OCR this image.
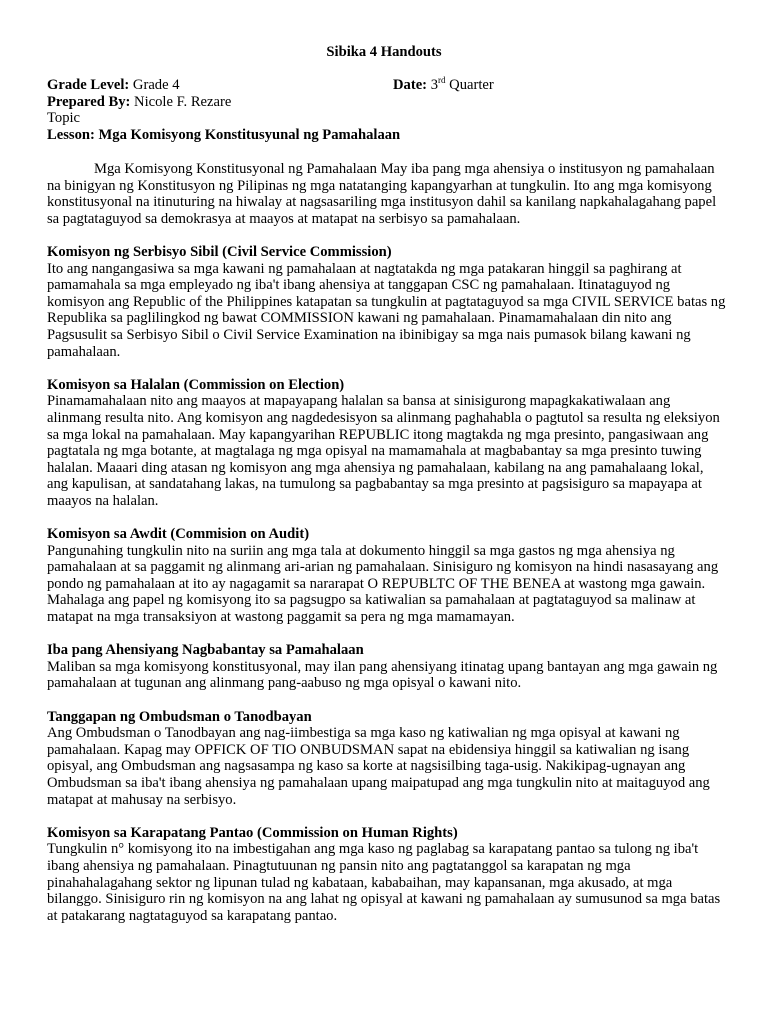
Sibika 4 Handouts
Grade Level: Grade 4	Date: 3rd Quarter
Prepared By: Nicole F. Rezare
Topic
Lesson: Mga Komisyong Konstitusyunal ng Pamahalaan

Mga Komisyong Konstitusyonal ng Pamahalaan May iba pang mga ahensiya o institusyon ng pamahalaan na binigyan ng Konstitusyon ng Pilipinas ng mga natatanging kapangyarhan at tungkulin. Ito ang mga komisyong konstitusyonal na itinuturing na hiwalay at nagsasariling mga institusyon dahil sa kanilang napkahalagahang papel sa pagtataguyod sa demokrasya at maayos at matapat na serbisyo sa pamahalaan.

Komisyon ng Serbisyo Sibil (Civil Service Commission)

Ito ang nangangasiwa sa mga kawani ng pamahalaan at nagtatakda ng mga patakaran hinggil sa paghirang at pamamahala sa mga empleyado ng iba't ibang ahensiya at tanggapan CSC ng pamahalaan. Itinataguyod ng komisyon ang Republic of the Philippines katapatan sa tungkulin at pagtataguyod sa mga CIVIL SERVICE batas ng Republika sa paglilingkod ng bawat COMMISSION kawani ng pamahalaan. Pinamamahalaan din nito ang Pagsusulit sa Serbisyo Sibil o Civil Service Examination na ibinibigay sa mga nais pumasok bilang kawani ng pamahalaan.

Komisyon sa Halalan (Commission on Election)

Pinamamahalaan nito ang maayos at mapayapang halalan sa bansa at sinisigurong mapagkakatiwalaan ang alinmang resulta nito. Ang komisyon ang nagdedesisyon sa alinmang paghahabla o pagtutol sa resulta ng eleksiyon sa mga lokal na pamahalaan. May kapangyarihan REPUBLIC itong magtakda ng mga presinto, pangasiwaan ang pagtatala ng mga botante, at magtalaga ng mga opisyal na mamamahala at magbabantay sa mga presinto tuwing halalan. Maaari ding atasan ng komisyon ang mga ahensiya ng pamahalaan, kabilang na ang pamahalaang lokal, ang kapulisan, at sandatahang lakas, na tumulong sa pagbabantay sa mga presinto at pagsisiguro sa mapayapa at maayos na halalan.

Komisyon sa Awdit (Commision on Audit)

Pangunahing tungkulin nito na suriin ang mga tala at dokumento hinggil sa mga gastos ng mga ahensiya ng pamahalaan at sa paggamit ng alinmang ari-arian ng pamahalaan. Sinisiguro ng komisyon na hindi nasasayang ang pondo ng pamahalaan at ito ay nagagamit sa nararapat O REPUBLTC OF THE BENEA at wastong mga gawain. Mahalaga ang papel ng komisyong ito sa pagsugpo sa katiwalian sa pamahalaan at pagtataguyod sa malinaw at matapat na mga transaksiyon at wastong paggamit sa pera ng mga mamamayan.

Iba pang Ahensiyang Nagbabantay sa Pamahalaan

Maliban sa mga komisyong konstitusyonal, may ilan pang ahensiyang itinatag upang bantayan ang mga gawain ng pamahalaan at tugunan ang alinmang pang-aabuso ng mga opisyal o kawani nito.

Tanggapan ng Ombudsman o Tanodbayan

Ang Ombudsman o Tanodbayan ang nag-iimbestiga sa mga kaso ng katiwalian ng mga opisyal at kawani ng pamahalaan. Kapag may OPFICK OF TIO ONBUDSMAN sapat na ebidensiya hinggil sa katiwalian ng isang opisyal, ang Ombudsman ang nagsasampa ng kaso sa korte at nagsisilbing taga-usig. Nakikipag-ugnayan ang Ombudsman sa iba't ibang ahensiya ng pamahalaan upang maipatupad ang mga tungkulin nito at maitaguyod ang matapat at mahusay na serbisyo.

Komisyon sa Karapatang Pantao (Commission on Human Rights)

Tungkulin n° komisyong ito na imbestigahan ang mga kaso ng paglabag sa karapatang pantao sa tulong ng iba't ibang ahensiya ng pamahalaan. Pinagtutuunan ng pansin nito ang pagtatanggol sa karapatan ng mga pinahahalagahang sektor ng lipunan tulad ng kabataan, kababaihan, may kapansanan, mga akusado, at mga bilanggo. Sinisiguro rin ng komisyon na ang lahat ng opisyal at kawani ng pamahalaan ay sumusunod sa mga batas at patakarang nagtataguyod sa karapatang pantao.
